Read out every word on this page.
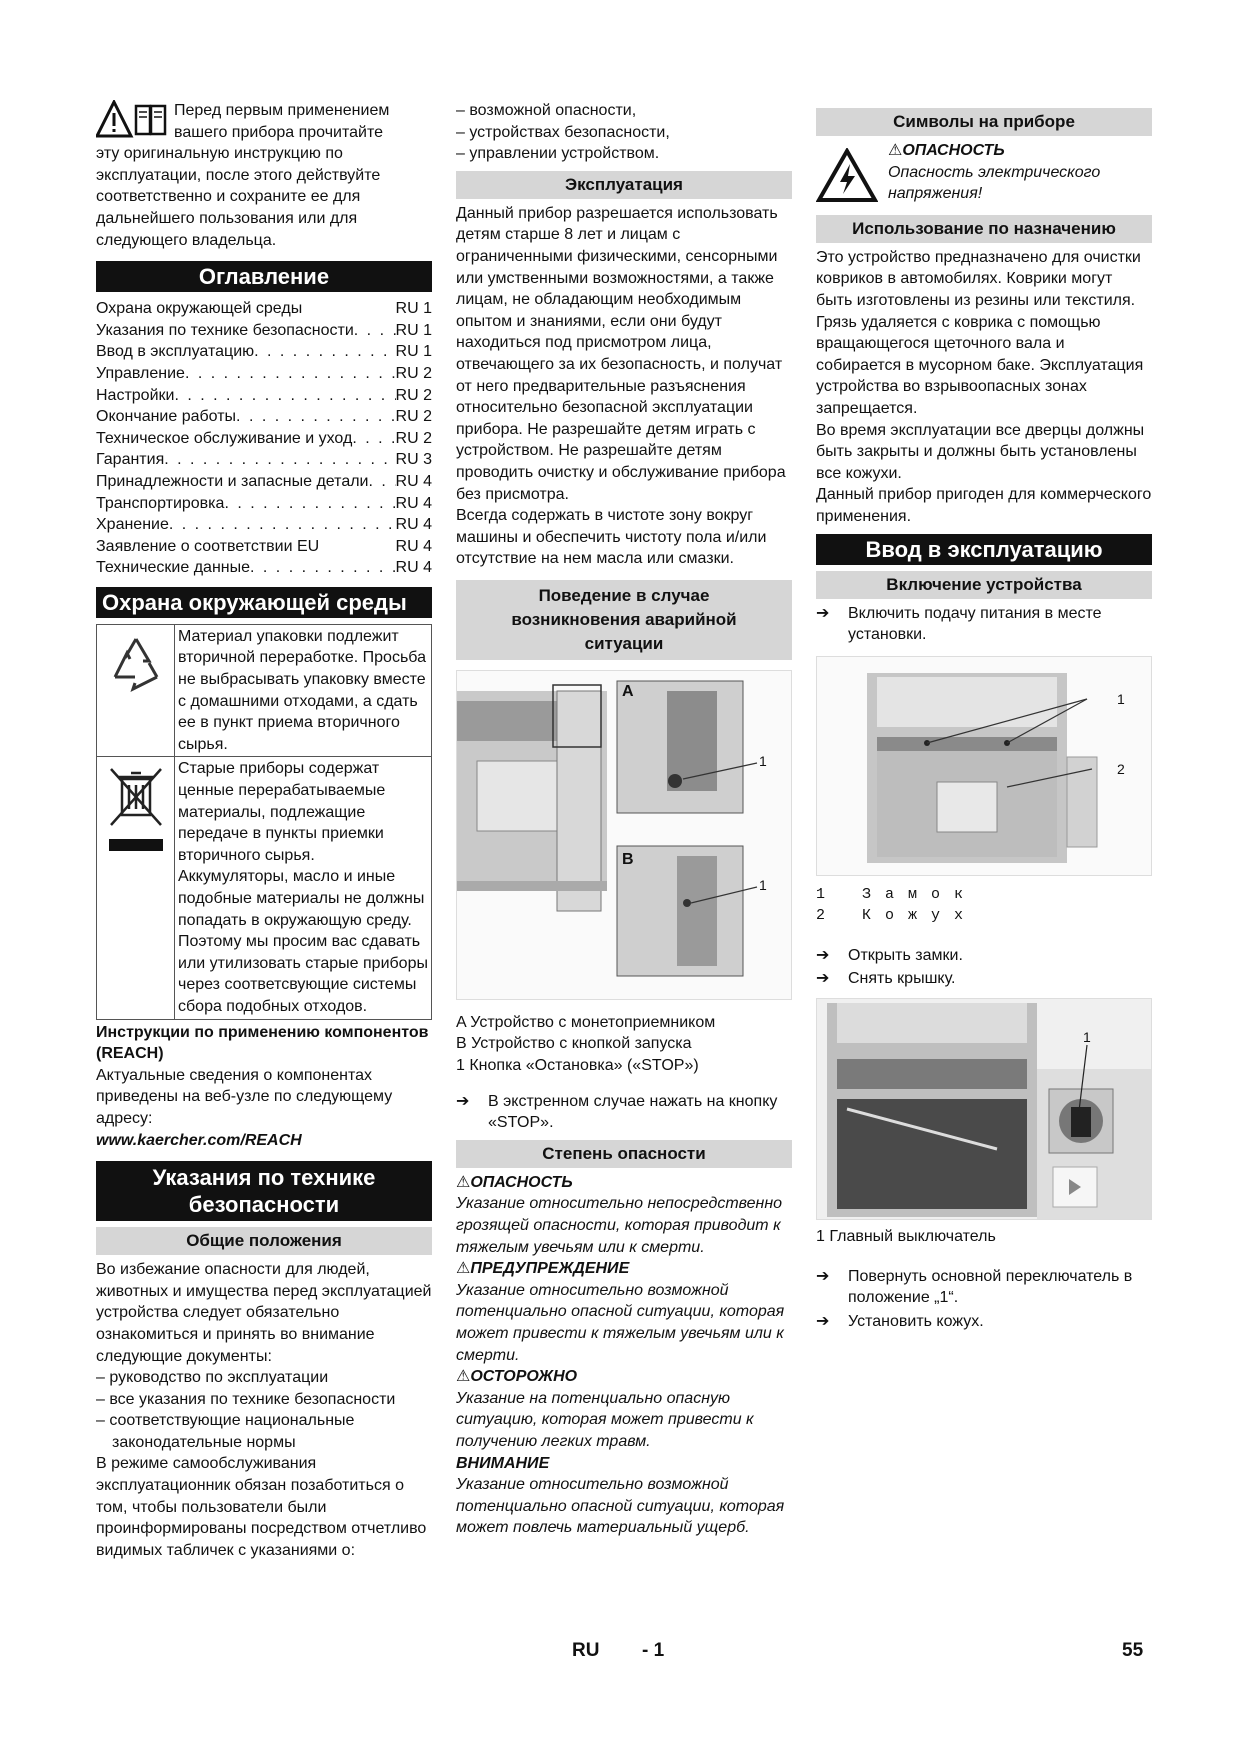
Перед первым применением

вашего прибора прочитайте

эту оригинальную инструкцию по эксплуатации, после этого действуйте соответственно и сохраните ее для дальнейшего пользования или для следующего владельца.

Оглавление
Охрана окружающей среды	RU 1
Указания по технике безопасности . . .	RU 1
Ввод в эксплуатацию . . .	RU 1
Управление . . .	RU 2
Настройки . . .	RU 2
Окончание работы . . .	RU 2
Техническое обслуживание и уход . . .	RU 2
Гарантия . . .	RU 3
Принадлежности и запасные детали . . . RU 4
Транспортировка . . .	RU 4
Хранение . . .	RU 4
Заявление о соответствии EU	RU 4
Технические данные . . .	RU 4
Охрана окружающей среды
	Материал упаковки подлежит вторичной переработке. Просьба не выбрасывать упаковку вместе с домашними отходами, а сдать ее в пункт приема вторичного сырья.
	Старые приборы содержат ценные перерабатываемые материалы, подлежащие передаче в пункты приемки вторичного сырья. Аккумуляторы, масло и иные подобные материалы не должны попадать в окружающую среду. Поэтому мы просим вас сдавать или утилизовать старые приборы через соответсвующие системы сбора подобных отходов.

Инструкции по применению компонентов (REACH)

Актуальные сведения о компонентах приведены на веб-узле по следующему адресу:

www.kaercher.com/REACH

Указания по технике безопасности
Общие положения

Во избежание опасности для людей, животных и имущества перед эксплуатацией устройства следует обязательно ознакомиться и принять во внимание следующие документы:

– руководство по эксплуатации

– все указания по технике безопасности

– соответствующие национальные законодательные нормы

В режиме самообслуживания эксплуатационник обязан позаботиться о том, чтобы пользователи были проинформированы посредством отчетливо видимых табличек с указаниями о:

– возможной опасности,

– устройствах безопасности,

– управлении устройством.

Эксплуатация

Данный прибор разрешается использовать детям старше 8 лет и лицам с ограниченными физическими, сенсорными или умственными возможностями, а также лицам, не обладающим необходимым опытом и знаниями, если они будут находиться под присмотром лица, отвечающего за их безопасность, и получат от него предварительные разъяснения относительно безопасной эксплуатации прибора. Не разрешайте детям играть с устройством. Не разрешайте детям проводить очистку и обслуживание прибора без присмотра.

Всегда содержать в чистоте зону вокруг машины и обеспечить чистоту пола и/или отсутствие на нем масла или смазки.

Поведение в случае возникновения аварийной ситуации
A
B
1
1

A Устройство с монетоприемником

B Устройство с кнопкой запуска

1 Кнопка «Остановка» («STOP»)

➔ В экстренном случае нажать на кнопку «STOP».
Степень опасности

⚠ОПАСНОСТЬ

Указание относительно непосредственно грозящей опасности, которая приводит к тяжелым увечьям или к смерти.

⚠ПРЕДУПРЕЖДЕНИЕ

Указание относительно возможной потенциально опасной ситуации, которая может привести к тяжелым увечьям или к смерти.

⚠ОСТОРОЖНО

Указание на потенциально опасную ситуацию, которая может привести к получению легких травм.

ВНИМАНИЕ

Указание относительно возможной потенциально опасной ситуации, которая может повлечь материальный ущерб.

Символы на приборе

⚠ОПАСНОСТЬ

Опасность электрического напряжения!

Использование по назначению

Это устройство предназначено для очистки ковриков в автомобилях. Коврики могут быть изготовлены из резины или текстиля. Грязь удаляется с коврика с помощью вращающегося щеточного вала и собирается в мусорном баке. Эксплуатация устройства во взрывоопасных зонах запрещается.

Во время эксплуатации все дверцы должны быть закрыты и должны быть установлены все кожухи.

Данный прибор пригоден для коммерческого применения.

Ввод в эксплуатацию
Включение устройства
➔ Включить подачу питания в месте установки.
1
2

1 Замок

2 Кожух

➔ Открыть замки.
➔ Снять крышку.
1

1 Главный выключатель

➔ Повернуть основной переключатель в положение „1“.
➔ Установить кожух.
RU - 1	55
